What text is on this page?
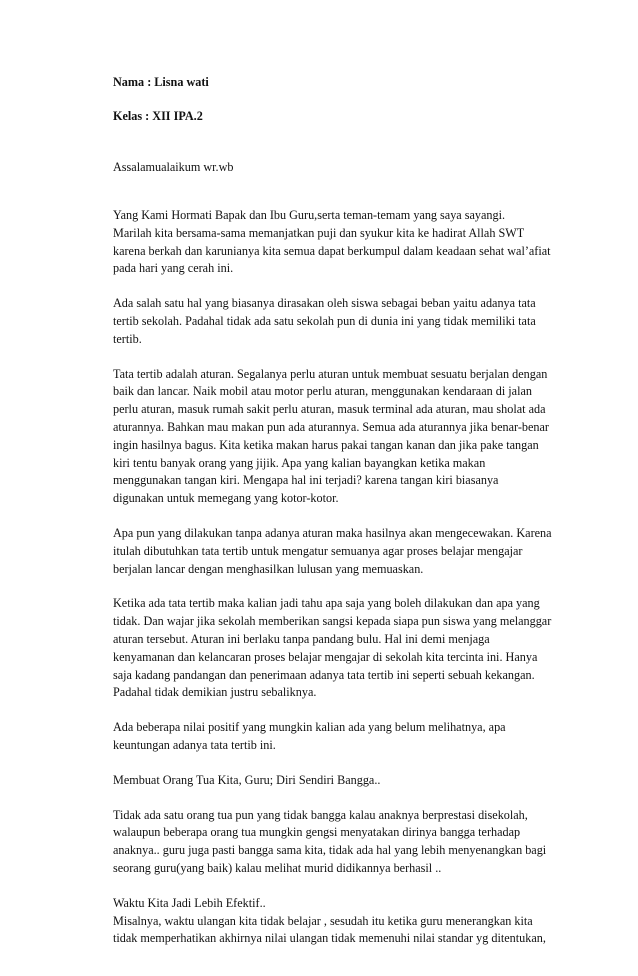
Nama : Lisna wati

Kelas : XII IPA.2

Assalamualaikum wr.wb

Yang Kami Hormati Bapak dan Ibu Guru,serta teman-temam yang saya sayangi.
Marilah kita bersama-sama memanjatkan puji dan syukur kita ke hadirat Allah SWT
karena berkah dan karunianya kita semua dapat berkumpul dalam keadaan sehat wal’afiat
pada hari yang cerah ini.

Ada salah satu hal yang biasanya dirasakan oleh siswa sebagai beban yaitu adanya tata
tertib sekolah. Padahal tidak ada satu sekolah pun di dunia ini yang tidak memiliki tata
tertib.

Tata tertib adalah aturan. Segalanya perlu aturan untuk membuat sesuatu berjalan dengan
baik dan lancar. Naik mobil atau motor perlu aturan, menggunakan kendaraan di jalan
perlu aturan, masuk rumah sakit perlu aturan, masuk terminal ada aturan, mau sholat ada
aturannya. Bahkan mau makan pun ada aturannya. Semua ada aturannya jika benar-benar
ingin hasilnya bagus. Kita ketika makan harus pakai tangan kanan dan jika pake tangan
kiri tentu banyak orang yang jijik. Apa yang kalian bayangkan ketika makan
menggunakan tangan kiri. Mengapa hal ini terjadi? karena tangan kiri biasanya
digunakan untuk memegang yang kotor-kotor.

Apa pun yang dilakukan tanpa adanya aturan maka hasilnya akan mengecewakan. Karena
itulah dibutuhkan tata tertib untuk mengatur semuanya agar proses belajar mengajar
berjalan lancar dengan menghasilkan lulusan yang memuaskan.

Ketika ada tata tertib maka kalian jadi tahu apa saja yang boleh dilakukan dan apa yang
tidak. Dan wajar jika sekolah memberikan sangsi kepada siapa pun siswa yang melanggar
aturan tersebut. Aturan ini berlaku tanpa pandang bulu. Hal ini demi menjaga
kenyamanan dan kelancaran proses belajar mengajar di sekolah kita tercinta ini. Hanya
saja kadang pandangan dan penerimaan adanya tata tertib ini seperti sebuah kekangan.
Padahal tidak demikian justru sebaliknya.

Ada beberapa nilai positif yang mungkin kalian ada yang belum melihatnya, apa
keuntungan adanya tata tertib ini.

Membuat Orang Tua Kita, Guru; Diri Sendiri Bangga..

Tidak ada satu orang tua pun yang tidak bangga kalau anaknya berprestasi disekolah,
walaupun beberapa orang tua mungkin gengsi menyatakan dirinya bangga terhadap
anaknya.. guru juga pasti bangga sama kita, tidak ada hal yang lebih menyenangkan bagi
seorang guru(yang baik) kalau melihat murid didikannya berhasil ..

Waktu Kita Jadi Lebih Efektif..
Misalnya, waktu ulangan kita tidak belajar , sesudah itu ketika guru menerangkan kita
tidak memperhatikan akhirnya nilai ulangan tidak memenuhi nilai standar yg ditentukan,
